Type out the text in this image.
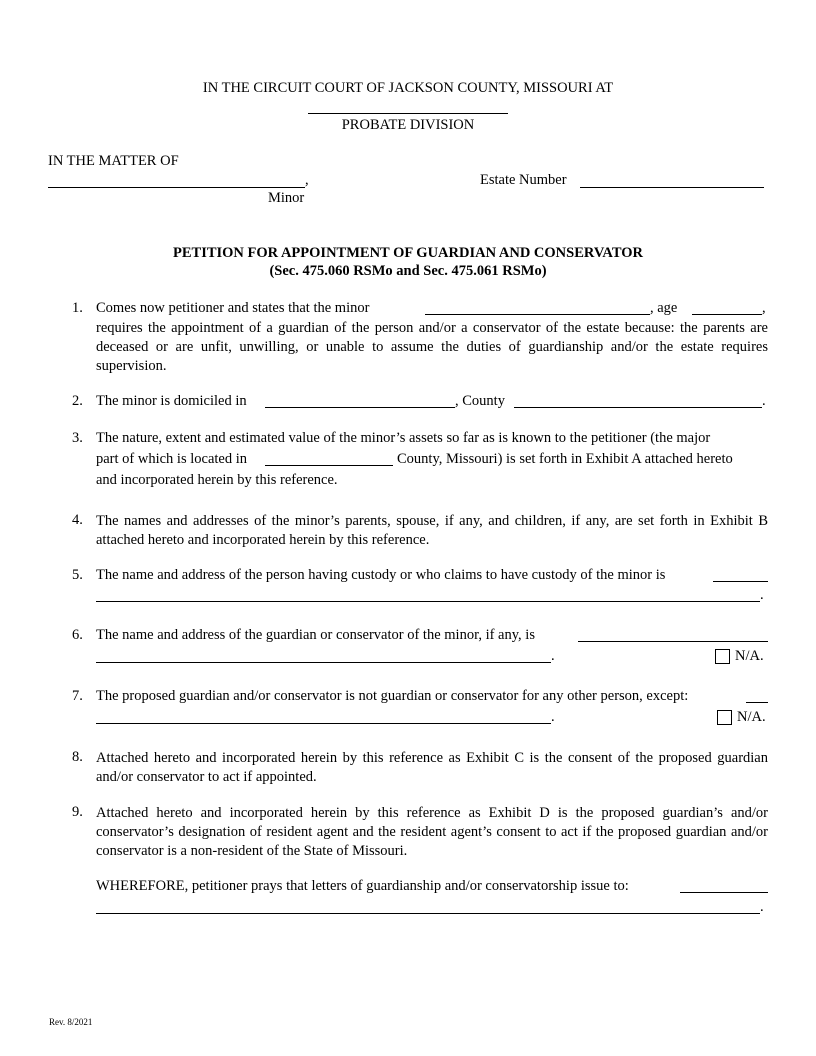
IN THE CIRCUIT COURT OF JACKSON COUNTY, MISSOURI AT
PROBATE DIVISION
IN THE MATTER OF
,
Minor
Estate Number
PETITION FOR APPOINTMENT OF GUARDIAN AND CONSERVATOR
(Sec. 475.060 RSMo and Sec. 475.061 RSMo)
1. Comes now petitioner and states that the minor	, age	,
requires the appointment of a guardian of the person and/or a conservator of the estate because: the parents are deceased or are unfit, unwilling, or unable to assume the duties of guardianship and/or the estate requires supervision.
2. The minor is domiciled in	, County	.
3. The nature, extent and estimated value of the minor’s assets so far as is known to the petitioner (the major
part of which is located in	County, Missouri) is set forth in Exhibit A attached hereto
and incorporated herein by this reference.
4. The names and addresses of the minor’s parents, spouse, if any, and children, if any, are set forth in Exhibit B attached hereto and incorporated herein by this reference.
5. The name and address of the person having custody or who claims to have custody of the minor is
.
6. The name and address of the guardian or conservator of the minor, if any, is
.	N/A.
7. The proposed guardian and/or conservator is not guardian or conservator for any other person, except:
.	N/A.
8. Attached hereto and incorporated herein by this reference as Exhibit C is the consent of the proposed guardian and/or conservator to act if appointed.
9. Attached hereto and incorporated herein by this reference as Exhibit D is the proposed guardian’s and/or conservator’s designation of resident agent and the resident agent’s consent to act if the proposed guardian and/or conservator is a non-resident of the State of Missouri.
WHEREFORE, petitioner prays that letters of guardianship and/or conservatorship issue to:
.
Rev. 8/2021
